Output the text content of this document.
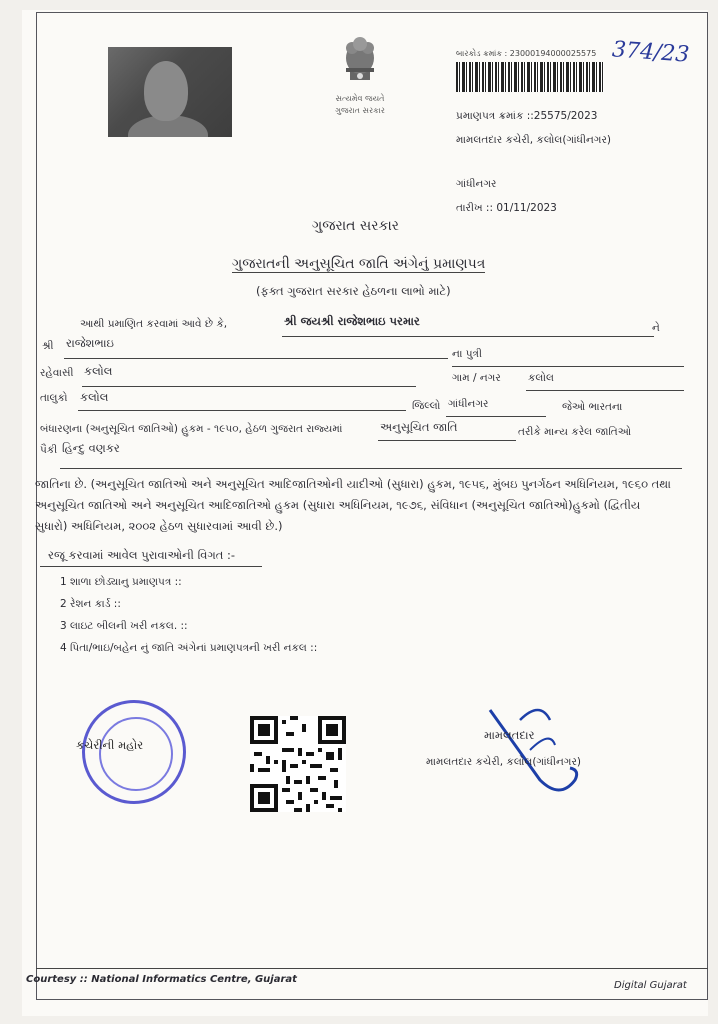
સત્યમેવ જયતે
ગુજરાત સરકાર
બારકોડ ક્રમાંક : 23000194000025575 374/23
પ્રમાણપત્ર ક્રમાંક ::25575/2023
મામલતદાર કચેરી, કલોલ(ગાંધીનગર)
ગાંધીનગર
તારીખ :: 01/11/2023
ગુજરાત સરકાર
ગુજરાતની અનુસૂચિત જાતિ અંગેનું પ્રમાણપત્ર
(ફક્ત ગુજરાત સરકાર હેઠળના લાભો માટે)
આથી પ્રમાણિત કરવામાં આવે છે કે,	શ્રી જયશ્રી રાજેશભાઇ પરમાર	ને
શ્રી રાજેશભાઇ
ના પુત્રી
રહેવાસી કલોલ	ગામ / નગર	કલોલ
તાલુકો કલોલ
જિલ્લો ગાંધીનગર	જેઓ ભારતના
બંધારણના (અનુસૂચિત જાતિઓ) હુકમ - ૧૯૫૦, હેઠળ ગુજરાત રાજ્યમાં	અનુસૂચિત જાતિ	તરીકે માન્ય કરેલ જાતિઓ
પૈકી હિન્દુ વણકર
જાતિના છે. (અનુસૂચિત જાતિઓ અને અનુસૂચિત આદિજાતિઓની યાદીઓ (સુધારા) હુકમ, ૧૯૫૬, મુંબઇ પુનર્ગઠન અધિનિયમ, ૧૯૬૦ તથા અનુસૂચિત જાતિઓ અને અનુસૂચિત આદિજાતિઓ હુકમ (સુધારા અધિનિયમ, ૧૯૭૬, સંવિધાન (અનુસૂચિત જાતિઓ)હુકમો (દ્વિતીય સુધારો) અધિનિયમ, ૨૦૦૨ હેઠળ સુધારવામાં આવી છે.)
રજૂ કરવામાં આવેલ પુરાવાઓની વિગત :-
1 શાળા છોડ્યાનુ પ્રમાણપત્ર ::
2 રેશન કાર્ડ ::
3 લાઇટ બીલની ખરી નકલ. ::
4 પિતા/ભાઇ/બહેન નું જાતિ અંગેનાં પ્રમાણપત્રની ખરી નકલ ::
કચેરીની મહોર
મામલતદાર
મામલતદાર કચેરી, કલોલ(ગાંધીનગર)
Courtesy :: National Informatics Centre, Gujarat
Digital Gujarat
